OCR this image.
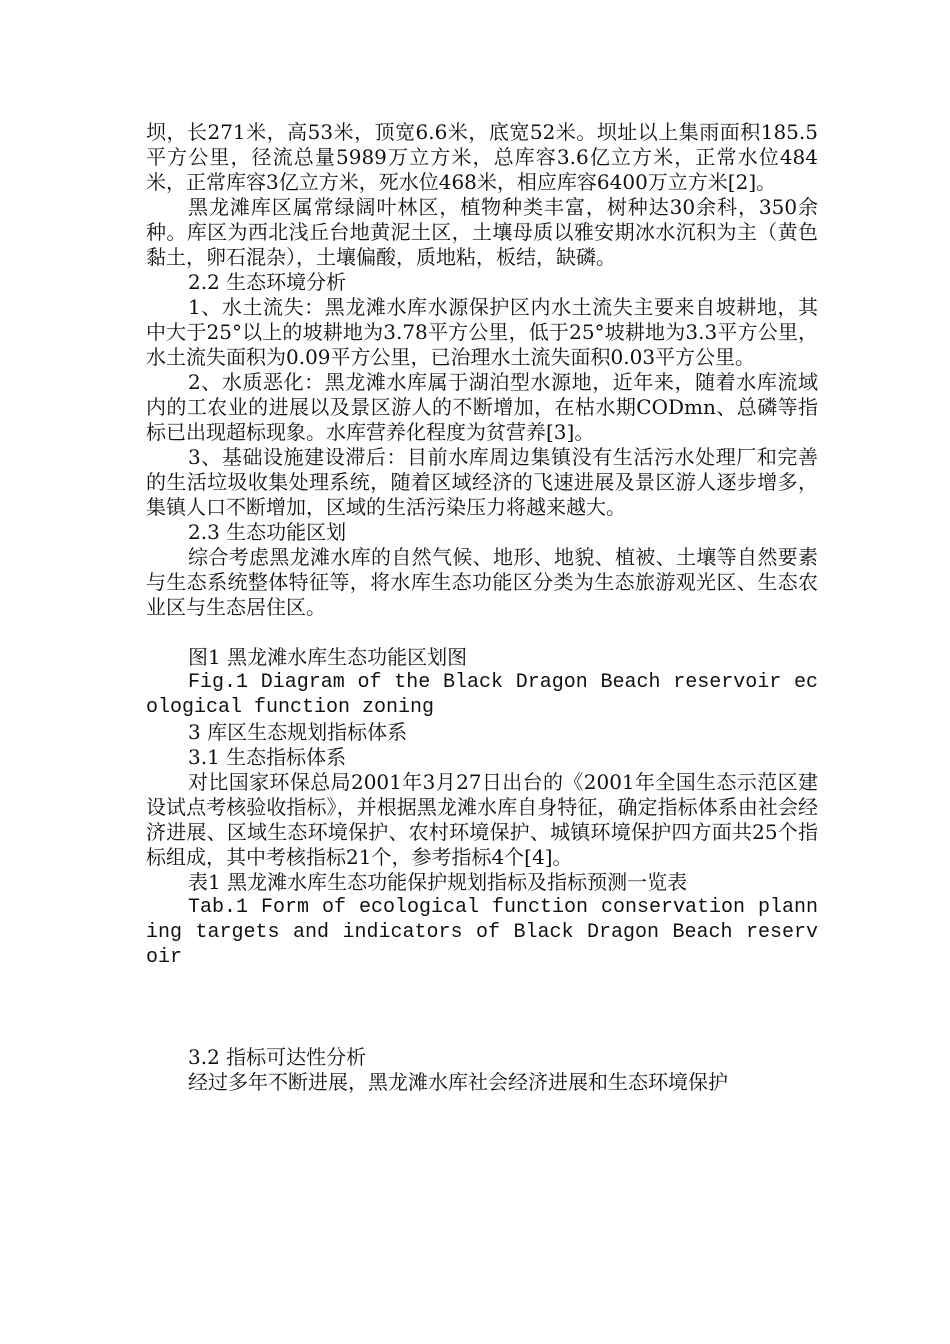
坝，长271米，高53米，顶宽6.6米，底宽52米。坝址以上集雨面积185.5平方公里，径流总量5989万立方米，总库容3.6亿立方米，正常水位484米，正常库容3亿立方米，死水位468米，相应库容6400万立方米[2]。

黑龙滩库区属常绿阔叶林区，植物种类丰富，树种达30余科，350余种。库区为西北浅丘台地黄泥土区，土壤母质以雅安期冰水沉积为主（黄色黏土，卵石混杂），土壤偏酸，质地粘，板结，缺磷。

2.2 生态环境分析

1、水土流失：黑龙滩水库水源保护区内水土流失主要来自坡耕地，其中大于25°以上的坡耕地为3.78平方公里，低于25°坡耕地为3.3平方公里，水土流失面积为0.09平方公里，已治理水土流失面积0.03平方公里。

2、水质恶化：黑龙滩水库属于湖泊型水源地，近年来，随着水库流域内的工农业的进展以及景区游人的不断增加，在枯水期CODmn、总磷等指标已出现超标现象。水库营养化程度为贫营养[3]。

3、基础设施建设滞后：目前水库周边集镇没有生活污水处理厂和完善的生活垃圾收集处理系统，随着区域经济的飞速进展及景区游人逐步增多，集镇人口不断增加，区域的生活污染压力将越来越大。

2.3 生态功能区划

综合考虑黑龙滩水库的自然气候、地形、地貌、植被、土壤等自然要素与生态系统整体特征等，将水库生态功能区分类为生态旅游观光区、生态农业区与生态居住区。

图1 黑龙滩水库生态功能区划图

Fig.1 Diagram of the Black Dragon Beach reservoir ecological function zoning

3 库区生态规划指标体系

3.1 生态指标体系

对比国家环保总局2001年3月27日出台的《2001年全国生态示范区建设试点考核验收指标》，并根据黑龙滩水库自身特征，确定指标体系由社会经济进展、区域生态环境保护、农村环境保护、城镇环境保护四方面共25个指标组成，其中考核指标21个，参考指标4个[4]。

表1 黑龙滩水库生态功能保护规划指标及指标预测一览表

Tab.1 Form of ecological function conservation planning targets and indicators of Black Dragon Beach reservoir

3.2 指标可达性分析

经过多年不断进展，黑龙滩水库社会经济进展和生态环境保护
